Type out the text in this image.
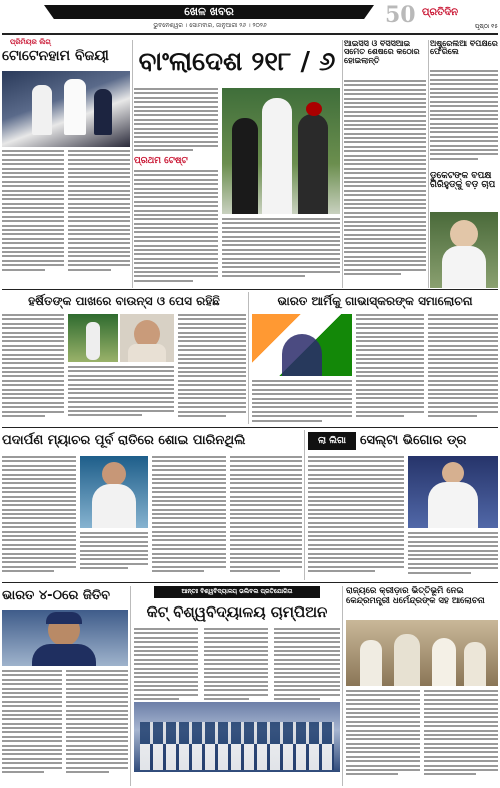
ଖେଳ ଖବର
ଭୁବନେଶ୍ୱର । ସୋମବାର, ଜାନୁଆରୀ ୨୬ । ୨୦୨୬	50 ପ୍ରତିଦିନ
ପୃଷ୍ଠା ୧୫
ପ୍ରିମିୟର ଲିଗ୍
ଟୋଟେନହାମ ବିଜୟୀ	ବାଂଲାଦେଶ ୨୧୮ / ୬
ପ୍ରଥମ ଟେଷ୍ଟ
ଆଇସିସି ଓ ବିସିସିଆଇ ସମେତ ଶେଷରେ କଠୋର ହୋଇଲାନ୍ତି
ଅଷ୍ଟ୍ରେଲିଆ ବିପକ୍ଷରେ ଫେରିଲେ
ଡୁକେଟଙ୍କ ବିପକ୍ଷ ଗିରିହୁଡ୍‌କୁ ବଡ଼ ଚାପ
ହର୍ଷିତଙ୍କ ପାଖରେ ବାଉନ୍ସ ଓ ପେସ ରହିଛି	ଭାରତ ଆର୍ମିକୁ ଗାଭାସ୍କରଙ୍କ ସମାଲୋଚନା
ପଦାର୍ପଣ ମ୍ୟାଚର ପୂର୍ବ ରାତିରେ ଶୋଇ ପାରିନଥିଲି	ଲା ଲିଗା	ସେଲ୍ଟା ଭିଗୋର ଡ୍ର
ଭାରତ ୪-୦ରେ ଜିତିବ	ଆନ୍ତଃ ବିଶ୍ୱବିଦ୍ୟାଳୟ ଭଲିବଲ ପ୍ରତିଯୋଗିତା
କିଟ୍ ବିଶ୍ୱବିଦ୍ୟାଳୟ ଚାମ୍ପିଅନ
ରାଜ୍ୟରେ କ୍ରୀଡ଼ାର ଭିତ୍ତିଭୂମି ନେଇ କେନ୍ଦ୍ରମନ୍ତ୍ରୀ ଧର୍ମେନ୍ଦ୍ରଙ୍କ ସହ ଆଲୋଚନା
